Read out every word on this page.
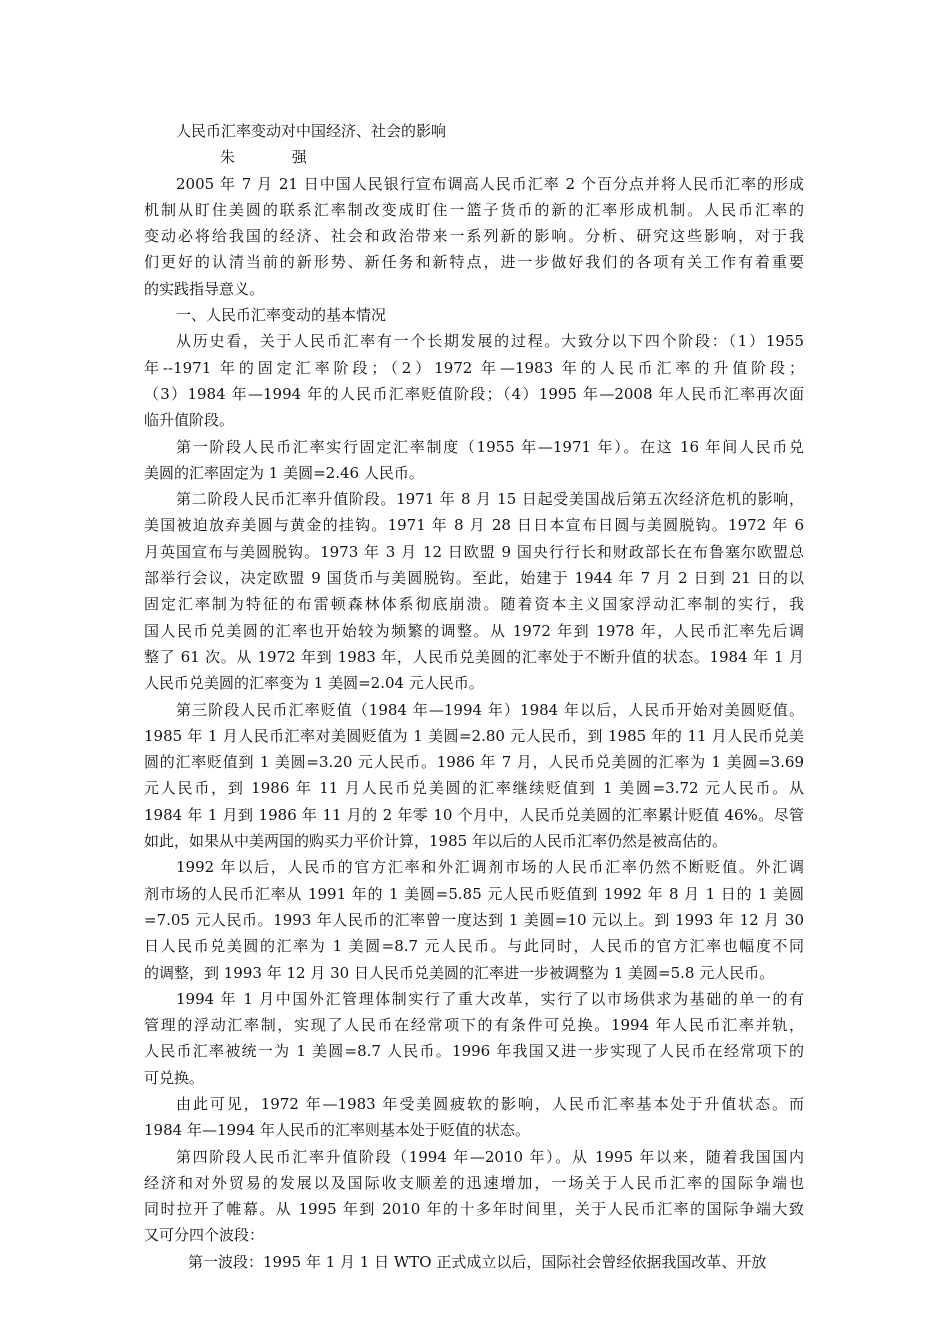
人民币汇率变动对中国经济、社会的影响
朱 强
2005 年 7 月 21 日中国人民银行宣布调高人民币汇率 2 个百分点并将人民币汇率的形成
机制从盯住美圆的联系汇率制改变成盯住一篮子货币的新的汇率形成机制。人民币汇率的
变动必将给我国的经济、社会和政治带来一系列新的影响。分析、研究这些影响，对于我
们更好的认清当前的新形势、新任务和新特点，进一步做好我们的各项有关工作有着重要
的实践指导意义。
一、人民币汇率变动的基本情况
从历史看，关于人民币汇率有一个长期发展的过程。大致分以下四个阶段：（1）1955
年--1971 年的固定汇率阶段；（2）1972 年—1983 年的人民币汇率的升值阶段；
（3）1984 年—1994 年的人民币汇率贬值阶段；（4）1995 年—2008 年人民币汇率再次面
临升值阶段。
第一阶段人民币汇率实行固定汇率制度（1955 年—1971 年）。在这 16 年间人民币兑
美圆的汇率固定为 1 美圆=2.46 人民币。
第二阶段人民币汇率升值阶段。1971 年 8 月 15 日起受美国战后第五次经济危机的影响，
美国被迫放弃美圆与黄金的挂钩。1971 年 8 月 28 日日本宣布日圆与美圆脱钩。1972 年 6
月英国宣布与美圆脱钩。1973 年 3 月 12 日欧盟 9 国央行行长和财政部长在布鲁塞尔欧盟总
部举行会议，决定欧盟 9 国货币与美圆脱钩。至此，始建于 1944 年 7 月 2 日到 21 日的以
固定汇率制为特征的布雷顿森林体系彻底崩溃。随着资本主义国家浮动汇率制的实行，我
国人民币兑美圆的汇率也开始较为频繁的调整。从 1972 年到 1978 年，人民币汇率先后调
整了 61 次。从 1972 年到 1983 年，人民币兑美圆的汇率处于不断升值的状态。1984 年 1 月
人民币兑美圆的汇率变为 1 美圆=2.04 元人民币。
第三阶段人民币汇率贬值（1984 年—1994 年）1984 年以后，人民币开始对美圆贬值。
1985 年 1 月人民币汇率对美圆贬值为 1 美圆=2.80 元人民币，到 1985 年的 11 月人民币兑美
圆的汇率贬值到 1 美圆=3.20 元人民币。1986 年 7 月，人民币兑美圆的汇率为 1 美圆=3.69
元人民币，到 1986 年 11 月人民币兑美圆的汇率继续贬值到 1 美圆=3.72 元人民币。从
1984 年 1 月到 1986 年 11 月的 2 年零 10 个月中，人民币兑美圆的汇率累计贬值 46%。尽管
如此，如果从中美两国的购买力平价计算，1985 年以后的人民币汇率仍然是被高估的。
1992 年以后，人民币的官方汇率和外汇调剂市场的人民币汇率仍然不断贬值。外汇调
剂市场的人民币汇率从 1991 年的 1 美圆=5.85 元人民币贬值到 1992 年 8 月 1 日的 1 美圆
=7.05 元人民币。1993 年人民币的汇率曾一度达到 1 美圆=10 元以上。到 1993 年 12 月 30
日人民币兑美圆的汇率为 1 美圆=8.7 元人民币。与此同时，人民币的官方汇率也幅度不同
的调整，到 1993 年 12 月 30 日人民币兑美圆的汇率进一步被调整为 1 美圆=5.8 元人民币。
1994 年 1 月中国外汇管理体制实行了重大改革，实行了以市场供求为基础的单一的有
管理的浮动汇率制，实现了人民币在经常项下的有条件可兑换。1994 年人民币汇率并轨，
人民币汇率被统一为 1 美圆=8.7 人民币。1996 年我国又进一步实现了人民币在经常项下的
可兑换。
由此可见，1972 年—1983 年受美圆疲软的影响，人民币汇率基本处于升值状态。而
1984 年—1994 年人民币的汇率则基本处于贬值的状态。
第四阶段人民币汇率升值阶段（1994 年—2010 年）。从 1995 年以来，随着我国国内
经济和对外贸易的发展以及国际收支顺差的迅速增加，一场关于人民币汇率的国际争端也
同时拉开了帷幕。从 1995 年到 2010 年的十多年时间里，关于人民币汇率的国际争端大致
又可分四个波段：
第一波段：1995 年 1 月 1 日 WTO 正式成立以后，国际社会曾经依据我国改革、开放
